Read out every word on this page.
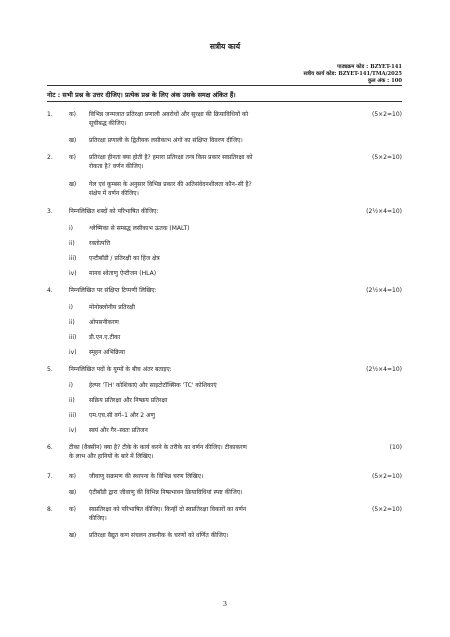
सत्रीय कार्य
पाठ्यक्रम कोड : BZYET-141
सत्रीय कार्य कोड: BZYET-141/TMA/2025
कुल अंक : 100
नोट : सभी प्रश्न के उत्तर दीजिए। प्रत्येक प्रश्न के लिए अंक उसके समक्ष अंकित हैं।
1.	क) विभिन्न जन्मजात प्रतिरक्षा प्रणाली अवरोधों और सुरक्षा की क्रियाविधियों को
सूचीबद्ध कीजिए।
(5×2=10)
ख) प्रतिरक्षा प्रणाली के द्वितीयक लसीकाभ अंगों का संक्षिप्त विवरण दीजिए।
2.	क) प्रतिरक्षा हीनता क्या होती है? हमारा प्रतिरक्षा तन्त्र किस प्रकार स्वप्रतिरक्षा को
रोकता है? वर्णन कीजिए।
(5×2=10)
ख) गेल एवं कूम्बस के अनुसार विभिन्न प्रकार की अतिसंवेदनशीलता कौन–सी है?
संक्षेप में वर्णन कीजिए।
3.	निम्नलिखित शब्दों को परिभाषित कीजिए:	(2½×4=10)
i)	श्लेष्मिका से सम्बद्ध लसीकाभ ऊतक (MALT)
ii) रक्तोत्पत्ति
iii) एन्टीबॉडी / प्रतिरक्षी का हिंज क्षेत्र
iv) मानव श्वेताणु ऐन्टीजन (HLA)
4.	निम्नलिखित पर संक्षिप्त टिप्पणी लिखिए:	(2½×4=10)
i)	मोनोक्लोनीय प्रतिरक्षी
ii) ओपसनीकरण
iii) डी.एन.ए.टीका
iv) स्मृहन अभिक्रिया
5.	निम्नलिखित पदों के युग्मों के बीच अंतर बताइए:	(2½×4=10)
i)	हेल्पर 'TH' कोशिकाएं और साइटोटॉक्सिक 'TC' कोशिकाएं
ii) सक्रिय प्रतिरक्षा और निष्क्रय प्रतिरक्षा
iii) एम.एच.सी वर्ग–1 और 2 अणु
iv) स्वयं और गैर–स्वतः प्रतिजन
6.	टीका (वैक्सीन) क्या है? टीके के कार्य करने के तरीके का वर्णन कीजिए। टीकाकरण
के लाभ और हानियों के बारे में लिखिए।
(10)
7.	क) जीवाणु सक्रमण की स्थापना के विभिन्न चरण लिखिए।	(5×2=10)
ख) एंटीबॉडी द्वारा जीवाणु की विभिन्न निष्प्रभावन क्रियाविधियां स्पष्ट कीजिए।
8.	क) स्वप्रतिरक्षा को परिभाषित कीजिए। किन्हीं दो स्वप्रतिरक्षा विकारों का वर्णन
कीजिए।
(5×2=10)
ख) प्रतिरक्षा वैद्युत कण संचलन तकनीक के चरणों को वर्णित कीजिए।
3
